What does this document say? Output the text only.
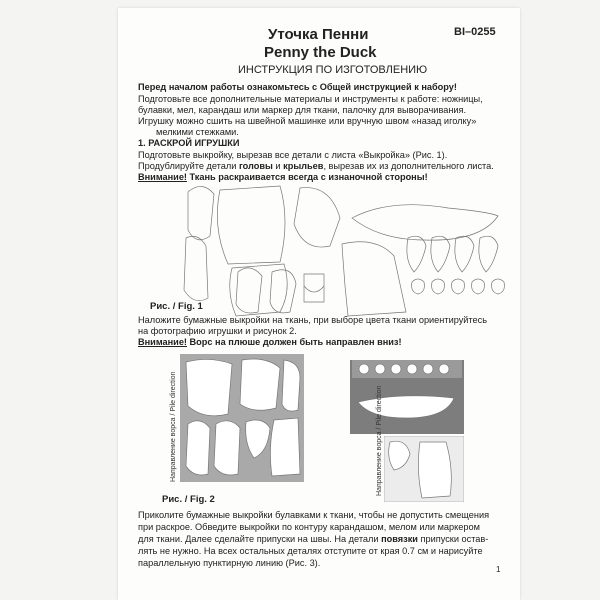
Уточка Пенни
Penny the Duck
BI–0255
ИНСТРУКЦИЯ ПО ИЗГОТОВЛЕНИЮ
Перед началом работы ознакомьтесь с Общей инструкцией к набору!
Подготовьте все дополнительные материалы и инструменты к работе: ножницы,
булавки, мел, карандаш или маркер для ткани, палочку для выворачивания.
Игрушку можно сшить на швейной машинке или вручную швом «назад иголку»
мелкими стежками.
1. РАСКРОЙ ИГРУШКИ
Подготовьте выкройку, вырезав все детали с листа «Выкройка» (Рис. 1).
Продублируйте детали головы и крыльев, вырезав их из дополнительного листа.
Внимание! Ткань раскраивается всегда с изнаночной стороны!
Рис. / Fig. 1
Наложите бумажные выкройки на ткань, при выборе цвета ткани ориентируйтесь
на фотографию игрушки и рисунок 2.
Внимание! Ворс на плюше должен быть направлен вниз!
Направление ворса / Pile direction
Направление ворса / Pile direction
Рис. / Fig. 2
Приколите бумажные выкройки булавками к ткани, чтобы не допустить смещения
при раскрое. Обведите выкройки по контуру карандашом, мелом или маркером
для ткани. Далее сделайте припуски на швы. На детали повязки припуски остав-
лять не нужно. На всех остальных деталях отступите от края 0.7 см и нарисуйте
параллельную пунктирную линию (Рис. 3).
1
